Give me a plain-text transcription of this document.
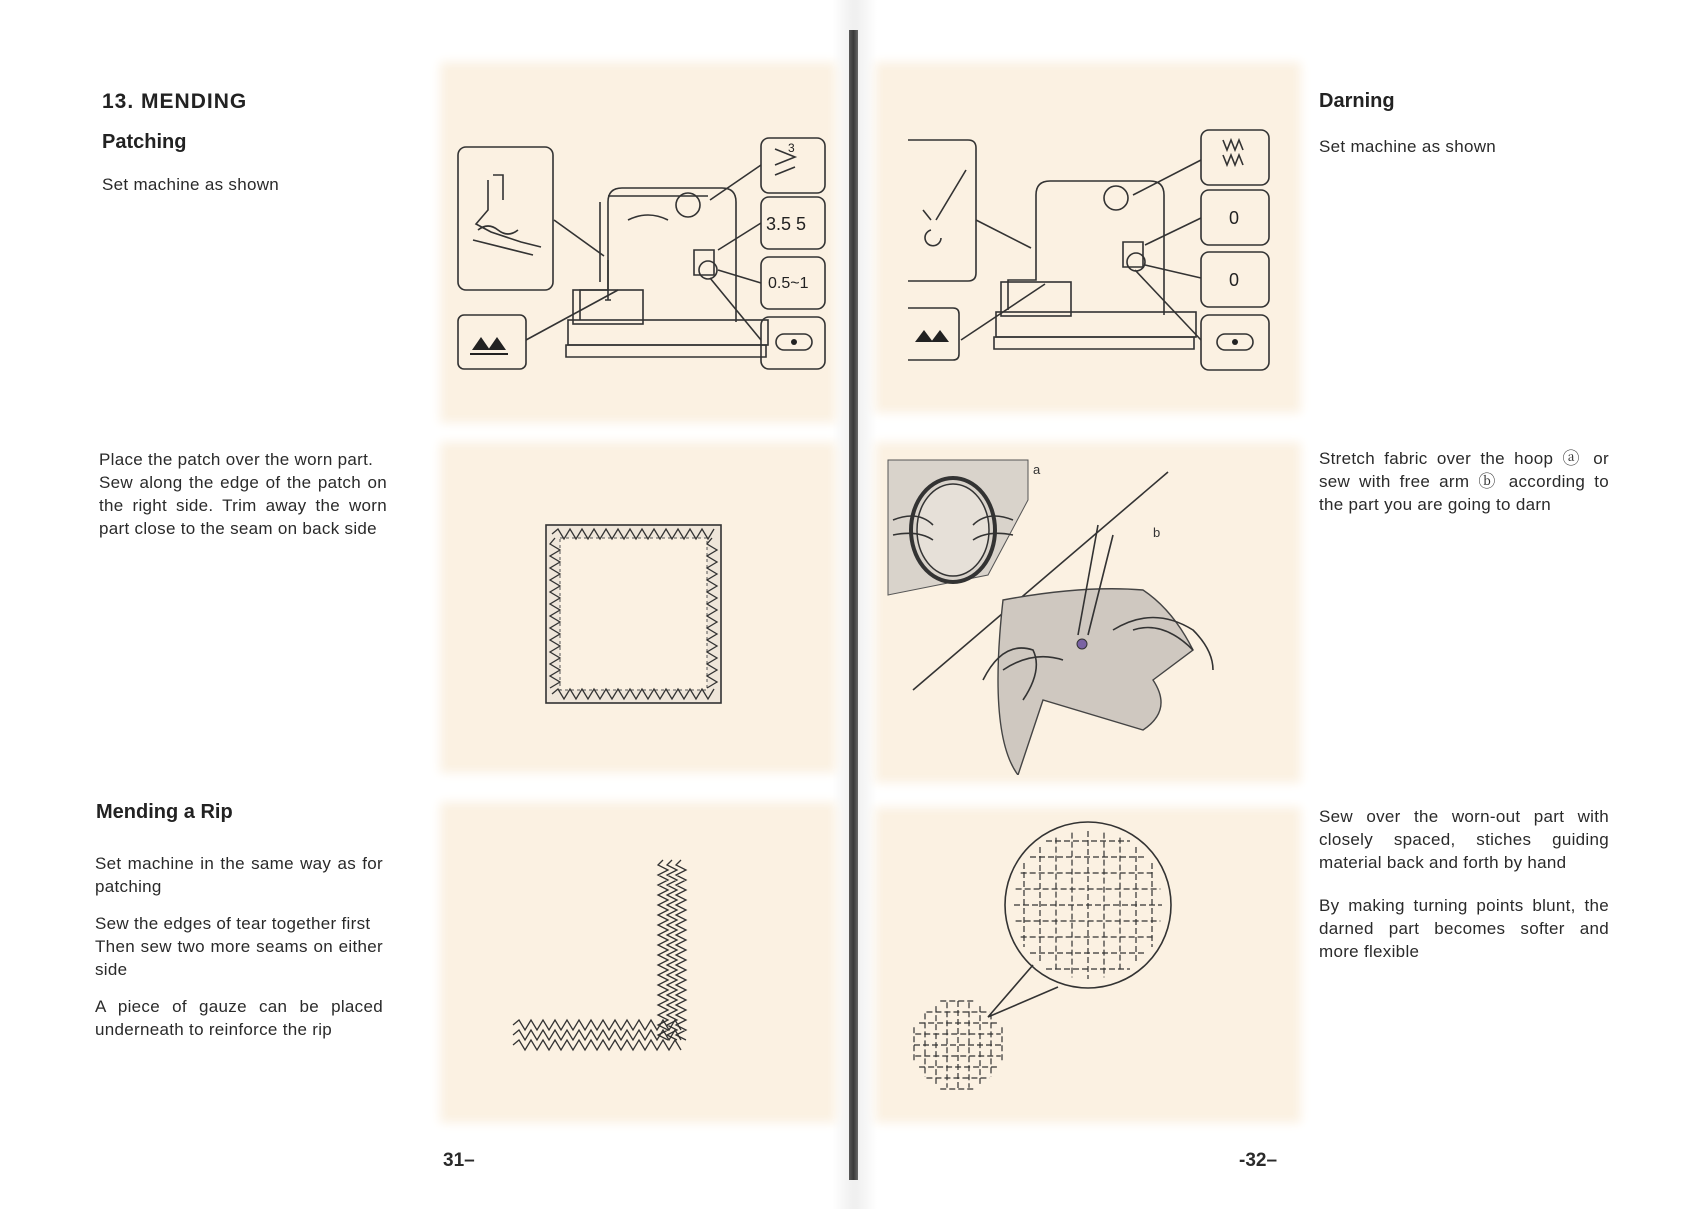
13. MENDING
Patching
Set machine as shown

Place the patch over the worn part.

Sew along the edge of the patch on the right side. Trim away the worn part close to the seam on back side

Mending a Rip

Set machine in the same way as for patching

Sew the edges of tear together first

Then sew two more seams on either side

A piece of gauze can be placed underneath to reinforce the rip

3
3.5 5
0.5~1
31–
Darning
Set machine as shown

Stretch fabric over the hoop ⓐ or sew with free arm ⓑ according to the part you are going to darn

Sew over the worn-out part with closely spaced, stiches guiding material back and forth by hand

By making turning points blunt, the darned part becomes softer and more flexible

0
0
a
b
-32–
